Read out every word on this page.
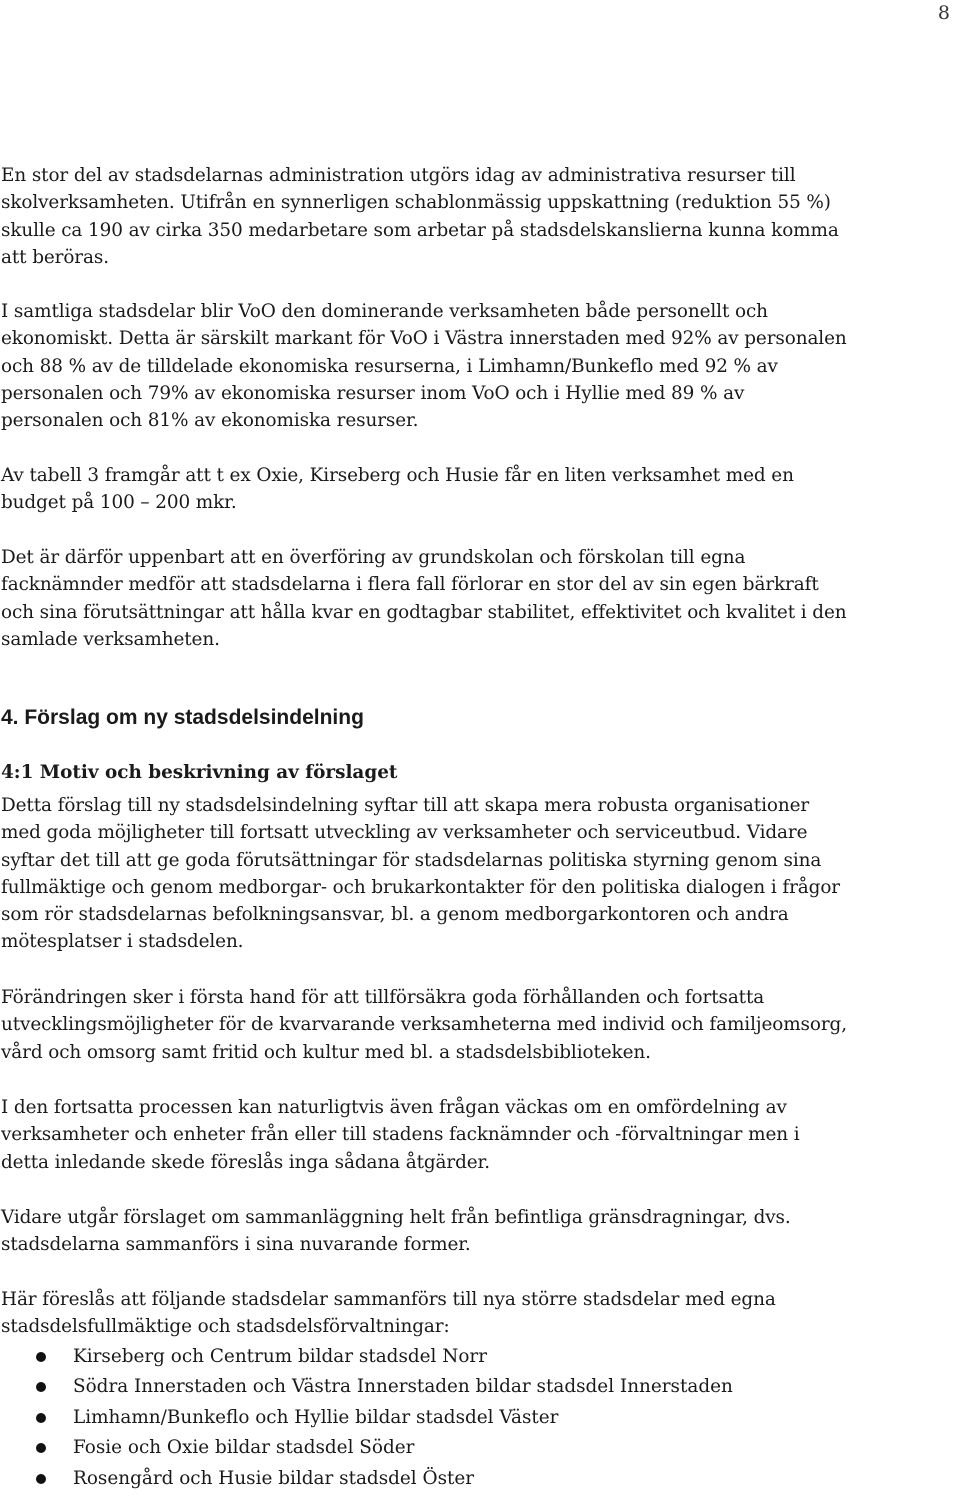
8

En stor del av stadsdelarnas administration utgörs idag av administrativa resurser till skolverksamheten. Utifrån en synnerligen schablonmässig uppskattning (reduktion 55 %) skulle ca 190 av cirka 350 medarbetare som arbetar på stadsdelskanslierna kunna komma att beröras.

I samtliga stadsdelar blir VoO den dominerande verksamheten både personellt och ekonomiskt. Detta är särskilt markant för VoO i Västra innerstaden med 92% av personalen och 88 % av de tilldelade ekonomiska resurserna, i Limhamn/Bunkeflo med 92 % av personalen och 79% av ekonomiska resurser inom VoO och i Hyllie med 89 % av personalen och 81% av ekonomiska resurser.

Av tabell 3 framgår att t ex Oxie, Kirseberg och Husie får en liten verksamhet med en budget på 100 – 200 mkr.

Det är därför uppenbart att en överföring av grundskolan och förskolan till egna facknämnder medför att stadsdelarna i flera fall förlorar en stor del av sin egen bärkraft och sina förutsättningar att hålla kvar en godtagbar stabilitet, effektivitet och kvalitet i den samlade verksamheten.

4. Förslag om ny stadsdelsindelning
4:1 Motiv och beskrivning av förslaget

Detta förslag till ny stadsdelsindelning syftar till att skapa mera robusta organisationer med goda möjligheter till fortsatt utveckling av verksamheter och serviceutbud. Vidare syftar det till att ge goda förutsättningar för stadsdelarnas politiska styrning genom sina fullmäktige och genom medborgar- och brukarkontakter för den politiska dialogen i frågor som rör stadsdelarnas befolkningsansvar, bl. a genom medborgarkontoren och andra mötesplatser i stadsdelen.

Förändringen sker i första hand för att tillförsäkra goda förhållanden och fortsatta utvecklingsmöjligheter för de kvarvarande verksamheterna med individ och familjeomsorg, vård och omsorg samt fritid och kultur med bl. a stadsdelsbiblioteken.

I den fortsatta processen kan naturligtvis även frågan väckas om en omfördelning av verksamheter och enheter från eller till stadens facknämnder och -förvaltningar men i detta inledande skede föreslås inga sådana åtgärder.

Vidare utgår förslaget om sammanläggning helt från befintliga gränsdragningar, dvs. stadsdelarna sammanförs i sina nuvarande former.

Här föreslås att följande stadsdelar sammanförs till nya större stadsdelar med egna stadsdelsfullmäktige och stadsdelsförvaltningar:

Kirseberg och Centrum bildar stadsdel Norr
Södra Innerstaden och Västra Innerstaden bildar stadsdel Innerstaden
Limhamn/Bunkeflo och Hyllie bildar stadsdel Väster
Fosie och Oxie bildar stadsdel Söder
Rosengård och Husie bildar stadsdel Öster
